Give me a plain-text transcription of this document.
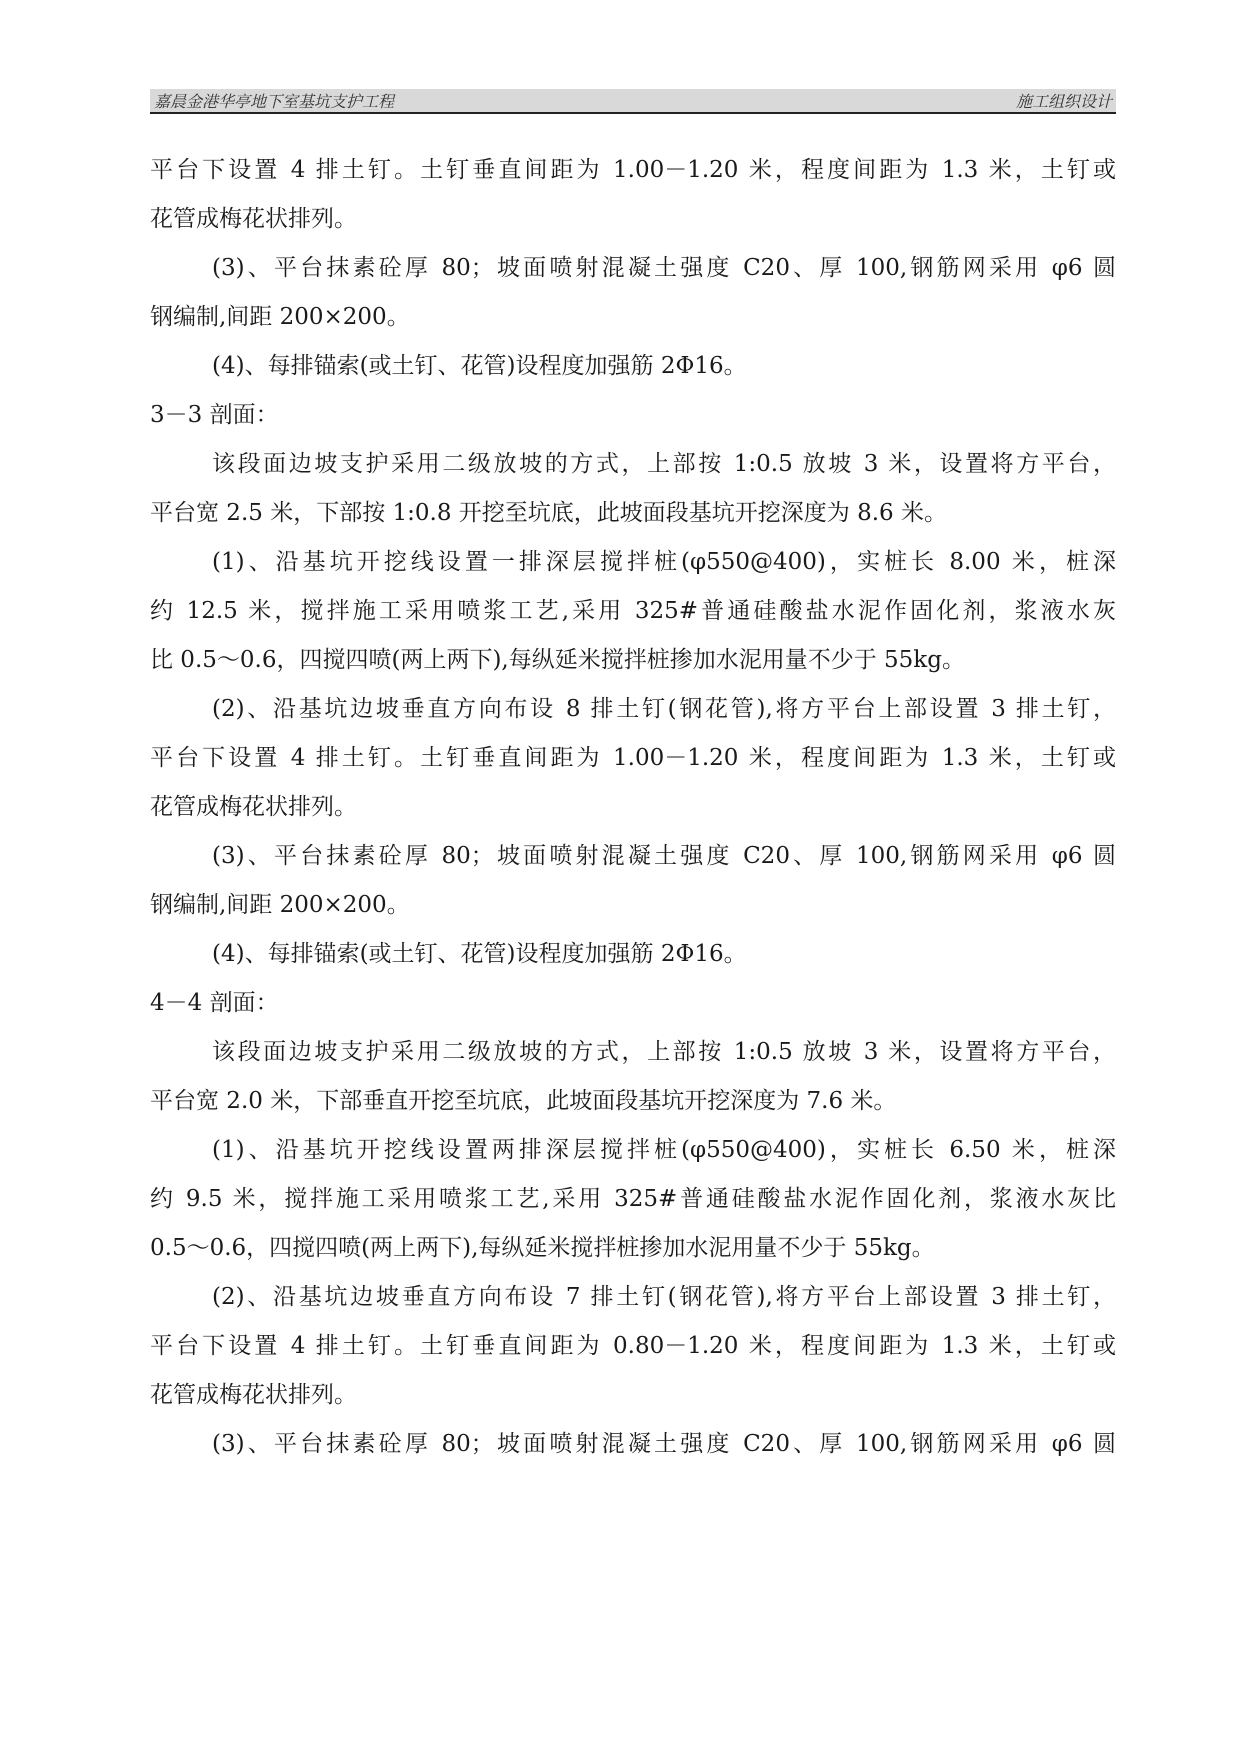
嘉晨金港华亭地下室基坑支护工程	施工组织设计
平台下设置 4 排土钉。土钉垂直间距为 1.00－1.20 米，程度间距为 1.3 米，土钉或
花管成梅花状排列。
(3)、平台抹素砼厚 80；坡面喷射混凝土强度 C20、厚 100,钢筋网采用 φ6 圆
钢编制,间距 200×200。
(4)、每排锚索(或土钉、花管)设程度加强筋 2Φ16。
3－3 剖面：
该段面边坡支护采用二级放坡的方式，上部按 1:0.5 放坡 3 米，设置将方平台，
平台宽 2.5 米，下部按 1:0.8 开挖至坑底，此坡面段基坑开挖深度为 8.6 米。
(1)、沿基坑开挖线设置一排深层搅拌桩(φ550@400)，实桩长 8.00 米，桩深
约 12.5 米，搅拌施工采用喷浆工艺,采用 325#普通硅酸盐水泥作固化剂，浆液水灰
比 0.5～0.6，四搅四喷(两上两下),每纵延米搅拌桩掺加水泥用量不少于 55kg。
(2)、沿基坑边坡垂直方向布设 8 排土钉(钢花管),将方平台上部设置 3 排土钉，
平台下设置 4 排土钉。土钉垂直间距为 1.00－1.20 米，程度间距为 1.3 米，土钉或
花管成梅花状排列。
(3)、平台抹素砼厚 80；坡面喷射混凝土强度 C20、厚 100,钢筋网采用 φ6 圆
钢编制,间距 200×200。
(4)、每排锚索(或土钉、花管)设程度加强筋 2Φ16。
4－4 剖面：
该段面边坡支护采用二级放坡的方式，上部按 1:0.5 放坡 3 米，设置将方平台，
平台宽 2.0 米，下部垂直开挖至坑底，此坡面段基坑开挖深度为 7.6 米。
(1)、沿基坑开挖线设置两排深层搅拌桩(φ550@400)，实桩长 6.50 米，桩深
约 9.5 米，搅拌施工采用喷浆工艺,采用 325#普通硅酸盐水泥作固化剂，浆液水灰比
0.5～0.6，四搅四喷(两上两下),每纵延米搅拌桩掺加水泥用量不少于 55kg。
(2)、沿基坑边坡垂直方向布设 7 排土钉(钢花管),将方平台上部设置 3 排土钉，
平台下设置 4 排土钉。土钉垂直间距为 0.80－1.20 米，程度间距为 1.3 米，土钉或
花管成梅花状排列。
(3)、平台抹素砼厚 80；坡面喷射混凝土强度 C20、厚 100,钢筋网采用 φ6 圆
